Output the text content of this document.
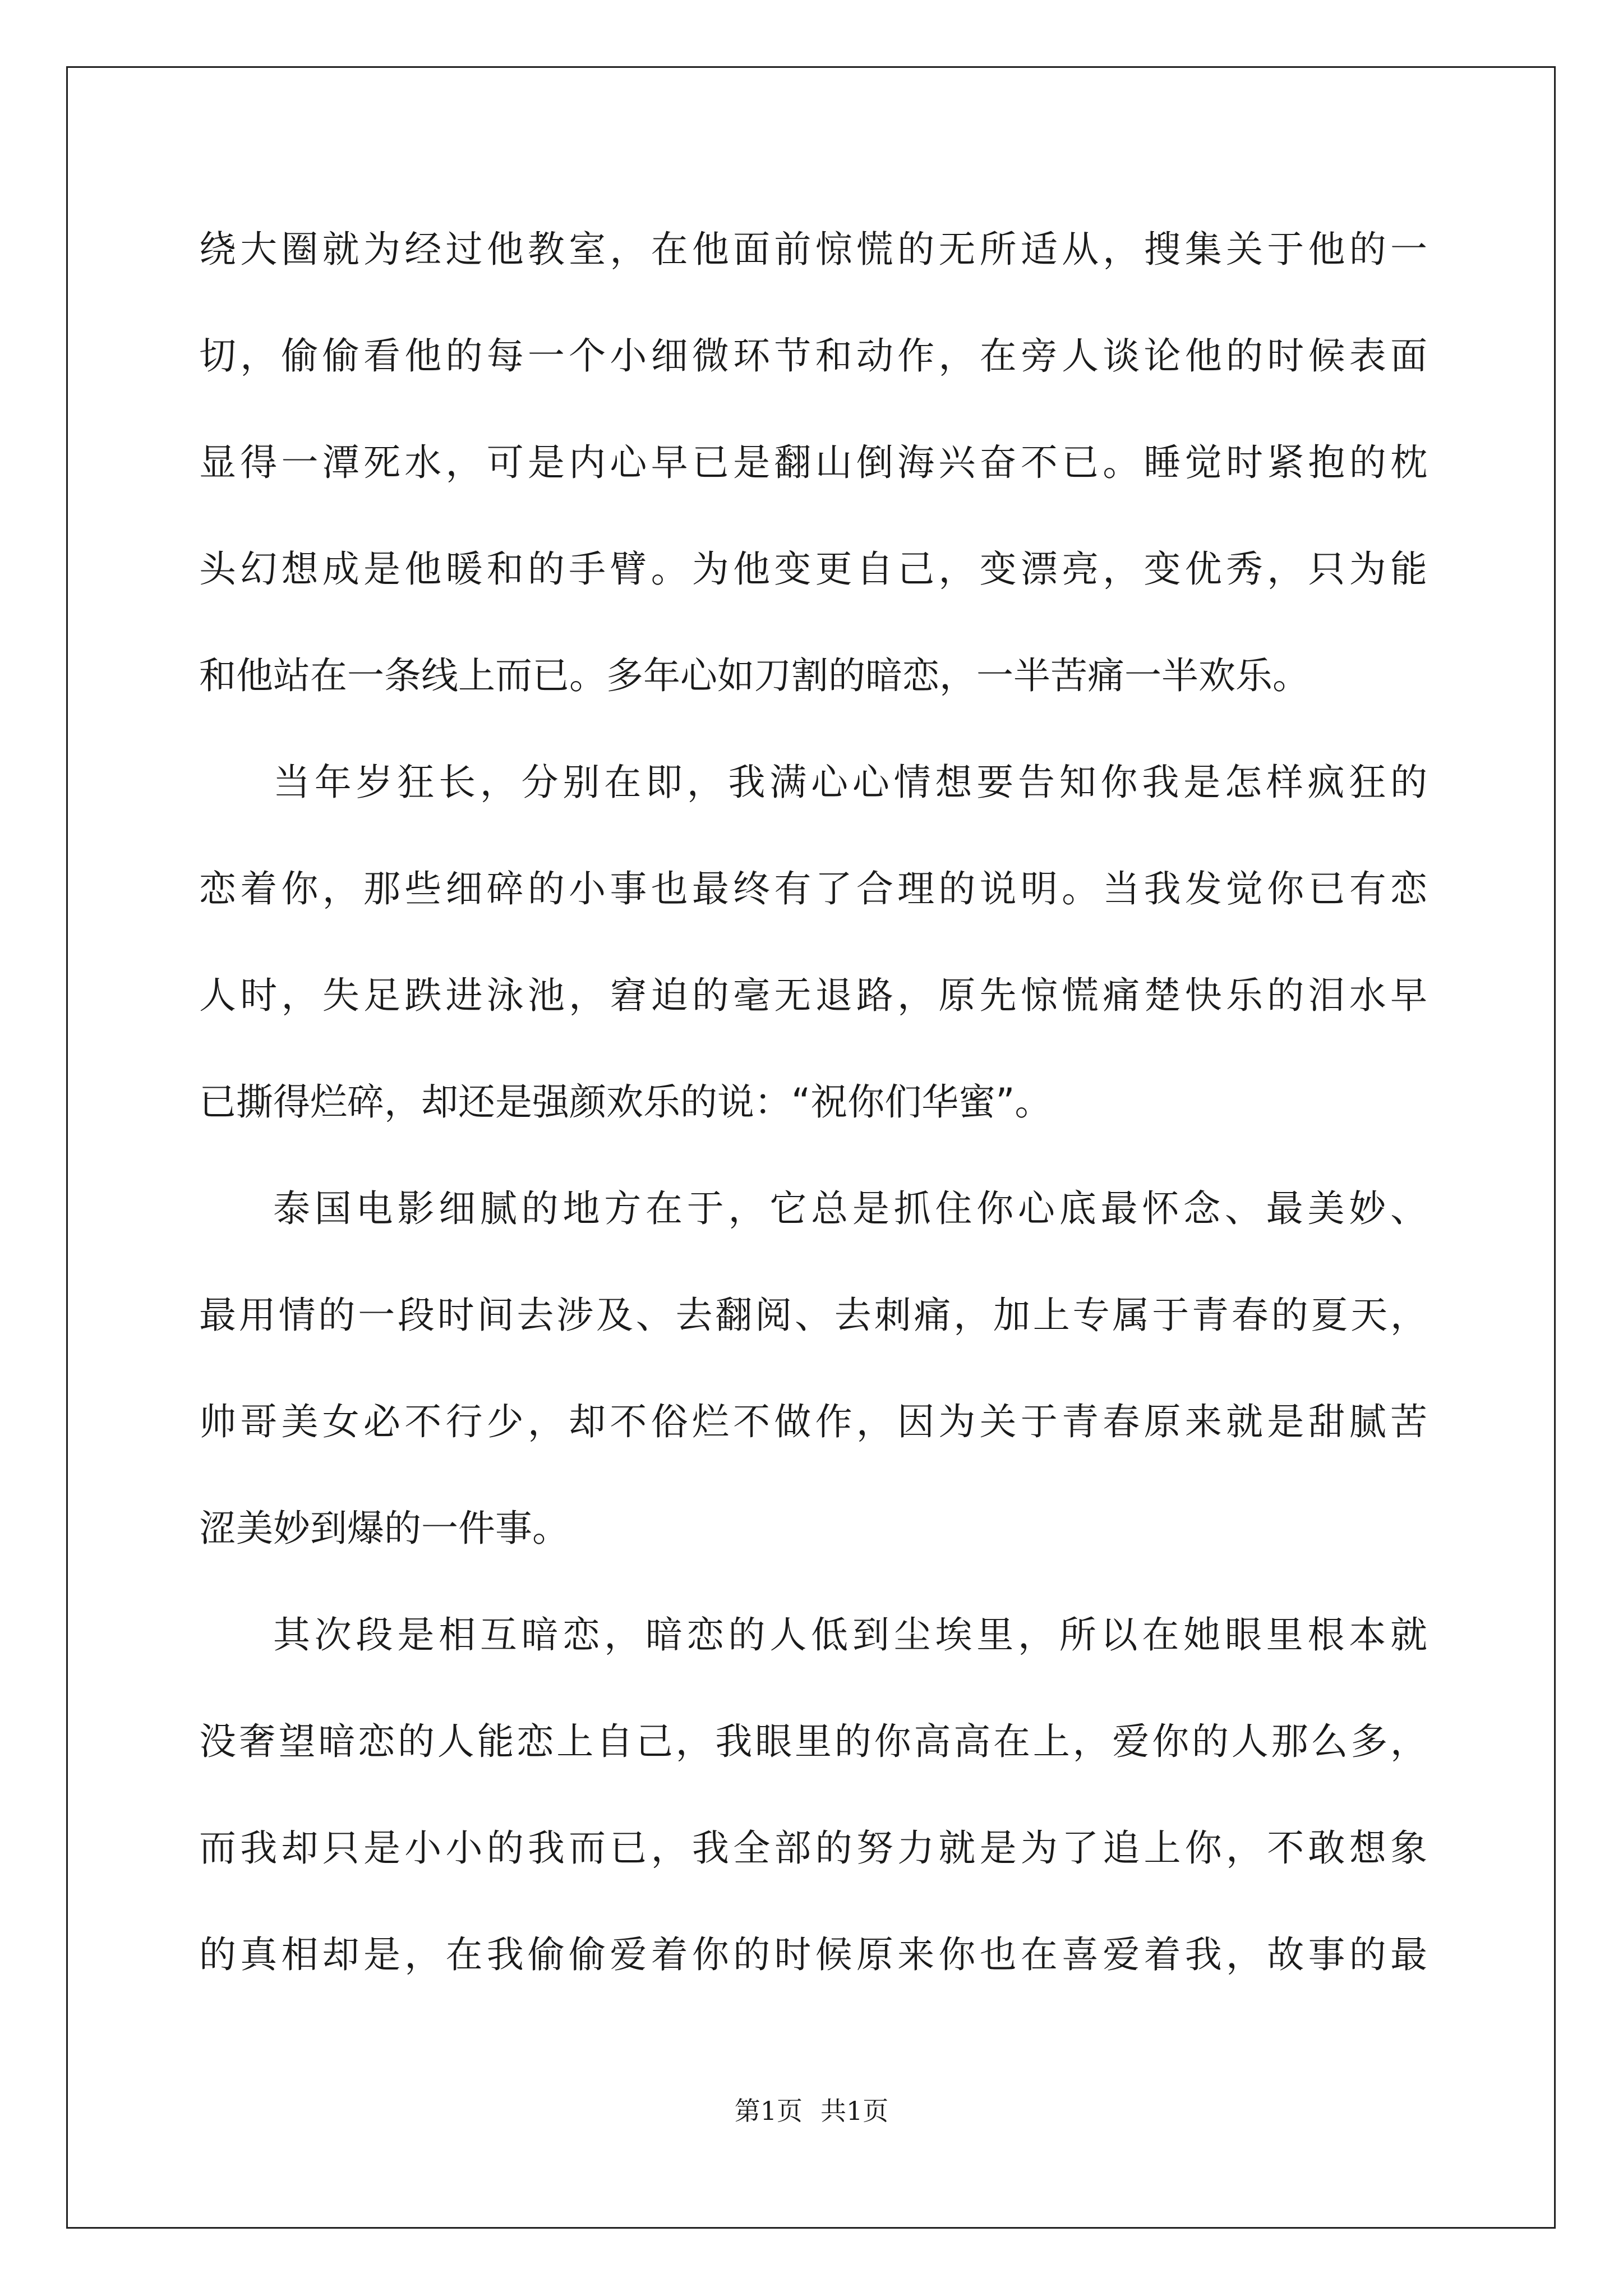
绕大圈就为经过他教室，在他面前惊慌的无所适从，搜集关于他的一
切，偷偷看他的每一个小细微环节和动作，在旁人谈论他的时候表面
显得一潭死水，可是内心早已是翻山倒海兴奋不已。睡觉时紧抱的枕
头幻想成是他暖和的手臂。为他变更自己，变漂亮，变优秀，只为能
和他站在一条线上而已。多年心如刀割的暗恋，一半苦痛一半欢乐。
当年岁狂长，分别在即，我满心心情想要告知你我是怎样疯狂的
恋着你，那些细碎的小事也最终有了合理的说明。当我发觉你已有恋
人时，失足跌进泳池，窘迫的毫无退路，原先惊慌痛楚快乐的泪水早
已撕得烂碎，却还是强颜欢乐的说：“祝你们华蜜”。
泰国电影细腻的地方在于，它总是抓住你心底最怀念、最美妙、
最用情的一段时间去涉及、去翻阅、去刺痛，加上专属于青春的夏天，
帅哥美女必不行少，却不俗烂不做作，因为关于青春原来就是甜腻苦
涩美妙到爆的一件事。
其次段是相互暗恋，暗恋的人低到尘埃里，所以在她眼里根本就
没奢望暗恋的人能恋上自己，我眼里的你高高在上，爱你的人那么多，
而我却只是小小的我而已，我全部的努力就是为了追上你，不敢想象
的真相却是，在我偷偷爱着你的时候原来你也在喜爱着我，故事的最
第1页 共1页
